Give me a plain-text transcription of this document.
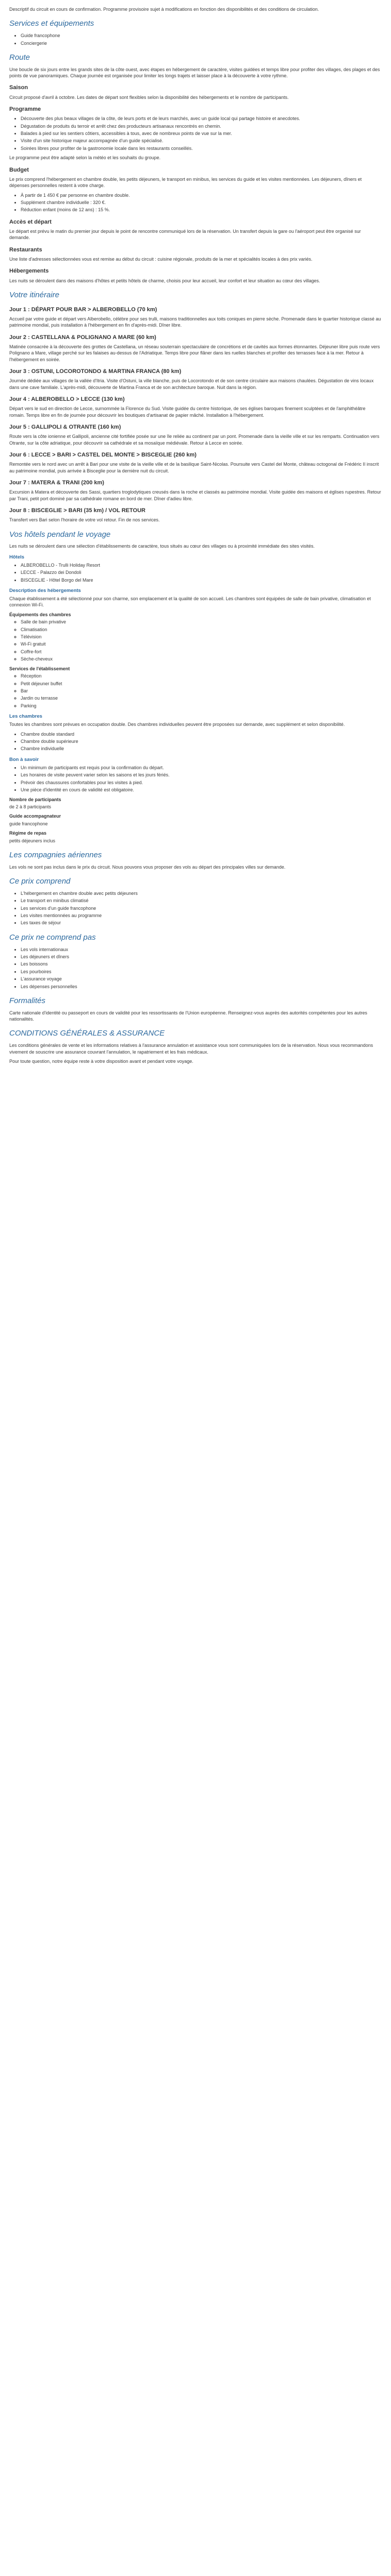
Descriptif du circuit en cours de confirmation. Programme provisoire sujet à modifications en fonction des disponibilités et des conditions de circulation.

Services et équipements
• Guide francophone
• Conciergerie
Route

Une boucle de six jours entre les grands sites de la côte ouest, avec étapes en hébergement de caractère, visites guidées et temps libre pour profiter des villages, des plages et des points de vue panoramiques. Chaque journée est organisée pour limiter les longs trajets et laisser place à la découverte à votre rythme.

Saison

Circuit proposé d'avril à octobre. Les dates de départ sont flexibles selon la disponibilité des hébergements et le nombre de participants.

Programme
• Découverte des plus beaux villages de la côte, de leurs ports et de leurs marchés, avec un guide local qui partage histoire et anecdotes.
• Dégustation de produits du terroir et arrêt chez des producteurs artisanaux rencontrés en chemin.
• Balades à pied sur les sentiers côtiers, accessibles à tous, avec de nombreux points de vue sur la mer.
• Visite d'un site historique majeur accompagnée d'un guide spécialisé.
• Soirées libres pour profiter de la gastronomie locale dans les restaurants conseillés.

Le programme peut être adapté selon la météo et les souhaits du groupe.

Budget

Le prix comprend l'hébergement en chambre double, les petits déjeuners, le transport en minibus, les services du guide et les visites mentionnées. Les déjeuners, dîners et dépenses personnelles restent à votre charge.

• À partir de 1 450 € par personne en chambre double.
• Supplément chambre individuelle : 320 €.
• Réduction enfant (moins de 12 ans) : 15 %.
Accès et départ

Le départ est prévu le matin du premier jour depuis le point de rencontre communiqué lors de la réservation. Un transfert depuis la gare ou l'aéroport peut être organisé sur demande.

Restaurants

Une liste d'adresses sélectionnées vous est remise au début du circuit : cuisine régionale, produits de la mer et spécialités locales à des prix variés.

Hébergements

Les nuits se déroulent dans des maisons d'hôtes et petits hôtels de charme, choisis pour leur accueil, leur confort et leur situation au cœur des villages.

Votre itinéraire
Jour 1 : DÉPART POUR BAR > ALBEROBELLO (70 km)

Accueil par votre guide et départ vers Alberobello, célèbre pour ses trulli, maisons traditionnelles aux toits coniques en pierre sèche. Promenade dans le quartier historique classé au patrimoine mondial, puis installation à l'hébergement en fin d'après-midi. Dîner libre.

Jour 2 : CASTELLANA & POLIGNANO A MARE (60 km)

Matinée consacrée à la découverte des grottes de Castellana, un réseau souterrain spectaculaire de concrétions et de cavités aux formes étonnantes. Déjeuner libre puis route vers Polignano a Mare, village perché sur les falaises au-dessus de l'Adriatique. Temps libre pour flâner dans les ruelles blanches et profiter des terrasses face à la mer. Retour à l'hébergement en soirée.

Jour 3 : OSTUNI, LOCOROTONDO & MARTINA FRANCA (80 km)

Journée dédiée aux villages de la vallée d'Itria. Visite d'Ostuni, la ville blanche, puis de Locorotondo et de son centre circulaire aux maisons chaulées. Dégustation de vins locaux dans une cave familiale. L'après-midi, découverte de Martina Franca et de son architecture baroque. Nuit dans la région.

Jour 4 : ALBEROBELLO > LECCE (130 km)

Départ vers le sud en direction de Lecce, surnommée la Florence du Sud. Visite guidée du centre historique, de ses églises baroques finement sculptées et de l'amphithéâtre romain. Temps libre en fin de journée pour découvrir les boutiques d'artisanat de papier mâché. Installation à l'hébergement.

Jour 5 : GALLIPOLI & OTRANTE (160 km)

Route vers la côte ionienne et Gallipoli, ancienne cité fortifiée posée sur une île reliée au continent par un pont. Promenade dans la vieille ville et sur les remparts. Continuation vers Otrante, sur la côte adriatique, pour découvrir sa cathédrale et sa mosaïque médiévale. Retour à Lecce en soirée.

Jour 6 : LECCE > BARI > CASTEL DEL MONTE > BISCEGLIE (260 km)

Remontée vers le nord avec un arrêt à Bari pour une visite de la vieille ville et de la basilique Saint-Nicolas. Poursuite vers Castel del Monte, château octogonal de Frédéric II inscrit au patrimoine mondial, puis arrivée à Bisceglie pour la dernière nuit du circuit.

Jour 7 : MATERA & TRANI (200 km)

Excursion à Matera et découverte des Sassi, quartiers troglodytiques creusés dans la roche et classés au patrimoine mondial. Visite guidée des maisons et églises rupestres. Retour par Trani, petit port dominé par sa cathédrale romane en bord de mer. Dîner d'adieu libre.

Jour 8 : BISCEGLIE > BARI (35 km) / VOL RETOUR

Transfert vers Bari selon l'horaire de votre vol retour. Fin de nos services.

Vos hôtels pendant le voyage

Les nuits se déroulent dans une sélection d'établissements de caractère, tous situés au cœur des villages ou à proximité immédiate des sites visités.

Hôtels
• ALBEROBELLO - Trulli Holiday Resort
• LECCE - Palazzo dei Dondoli
• BISCEGLIE - Hôtel Borgo del Mare
Description des hébergements

Chaque établissement a été sélectionné pour son charme, son emplacement et la qualité de son accueil. Les chambres sont équipées de salle de bain privative, climatisation et connexion Wi-Fi.

Équipements des chambres

◦ Salle de bain privative
◦ Climatisation
◦ Télévision
◦ Wi-Fi gratuit
◦ Coffre-fort
◦ Sèche-cheveux

Services de l'établissement

◦ Réception
◦ Petit déjeuner buffet
◦ Bar
◦ Jardin ou terrasse
◦ Parking
Les chambres

Toutes les chambres sont prévues en occupation double. Des chambres individuelles peuvent être proposées sur demande, avec supplément et selon disponibilité.

• Chambre double standard
• Chambre double supérieure
• Chambre individuelle
Bon à savoir
• Un minimum de participants est requis pour la confirmation du départ.
• Les horaires de visite peuvent varier selon les saisons et les jours fériés.
• Prévoir des chaussures confortables pour les visites à pied.
• Une pièce d'identité en cours de validité est obligatoire.

Nombre de participants

de 2 à 8 participants

Guide accompagnateur

guide francophone

Régime de repas

petits déjeuners inclus

Les compagnies aériennes

Les vols ne sont pas inclus dans le prix du circuit. Nous pouvons vous proposer des vols au départ des principales villes sur demande.

Ce prix comprend
• L'hébergement en chambre double avec petits déjeuners
• Le transport en minibus climatisé
• Les services d'un guide francophone
• Les visites mentionnées au programme
• Les taxes de séjour
Ce prix ne comprend pas
• Les vols internationaux
• Les déjeuners et dîners
• Les boissons
• Les pourboires
• L'assurance voyage
• Les dépenses personnelles
Formalités

Carte nationale d'identité ou passeport en cours de validité pour les ressortissants de l'Union européenne. Renseignez-vous auprès des autorités compétentes pour les autres nationalités.

CONDITIONS GÉNÉRALES & ASSURANCE

Les conditions générales de vente et les informations relatives à l'assurance annulation et assistance vous sont communiquées lors de la réservation. Nous vous recommandons vivement de souscrire une assurance couvrant l'annulation, le rapatriement et les frais médicaux.

Pour toute question, notre équipe reste à votre disposition avant et pendant votre voyage.
